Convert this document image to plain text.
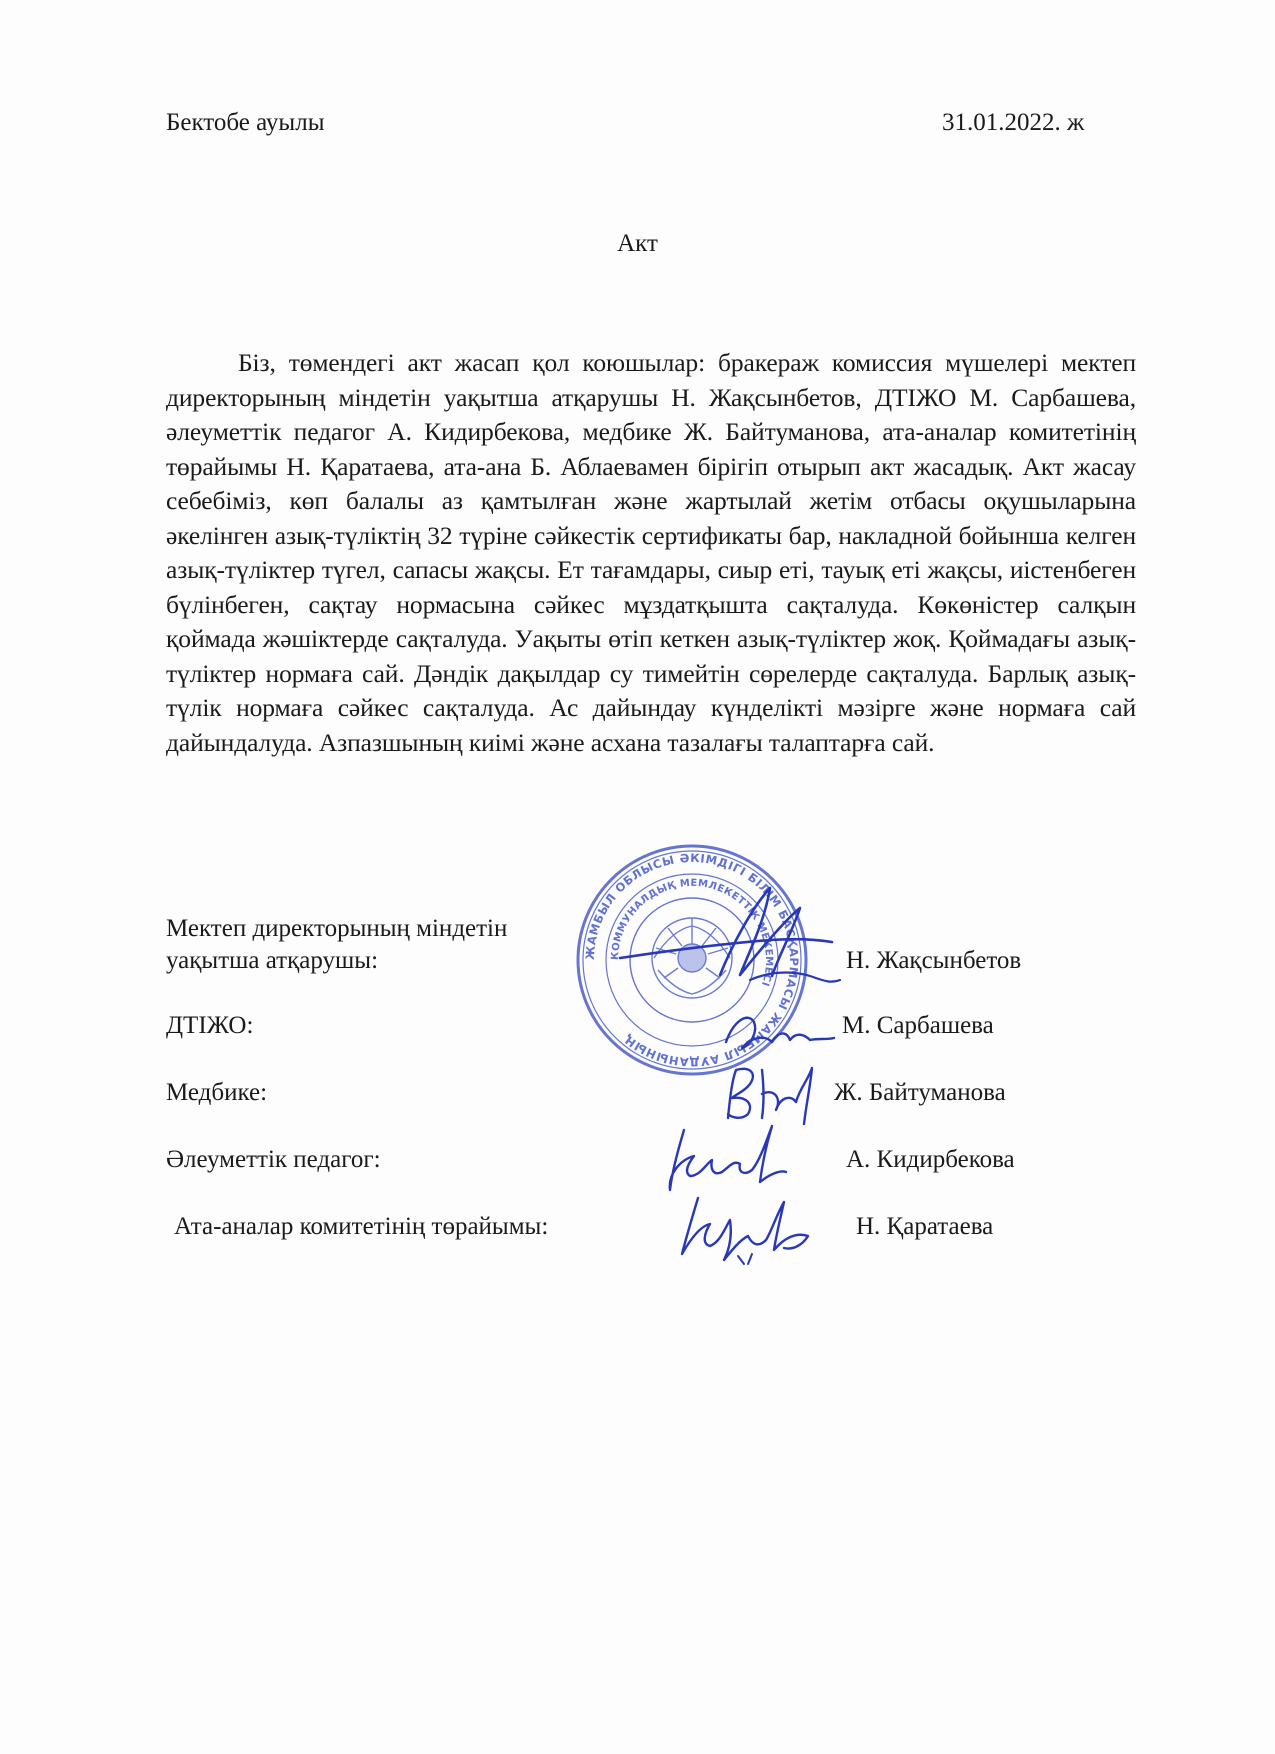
Бектобе ауылы	31.01.2022. ж
Акт

Біз, төмендегі акт жасап қол коюшылар: бракераж комиссия мүшелері мектеп директорының міндетін уақытша атқарушы Н. Жақсынбетов, ДТІЖО М. Сарбашева, әлеуметтік педагог А. Кидирбекова, медбике Ж. Байтуманова, ата-аналар комитетінің төрайымы Н. Қаратаева, ата-ана Б. Аблаевамен бірігіп отырып акт жасадық. Акт жасау себебіміз, көп балалы аз қамтылған және жартылай жетім отбасы оқушыларына әкелінген азық-түліктің 32 түріне сәйкестік сертификаты бар, накладной бойынша келген азық-түліктер түгел, сапасы жақсы. Ет тағамдары, сиыр еті, тауық еті жақсы, иістенбеген бүлінбеген, сақтау нормасына сәйкес мұздатқышта сақталуда. Көкөністер салқын қоймада жәшіктерде сақталуда. Уақыты өтіп кеткен азық-түліктер жоқ. Қоймадағы азық-түліктер нормаға сай. Дәндік дақылдар су тимейтін сөрелерде сақталуда. Барлық азық-түлік нормаға сәйкес сақталуда. Ас дайындау күнделікті мәзірге және нормаға сай дайындалуда. Азпазшының киімі және асхана тазалағы талаптарға сай.

Мектеп директорының міндетін
уақытша атқарушы:	Н. Жақсынбетов
ДТІЖО:	М. Сарбашева
Медбике:	Ж. Байтуманова
Әлеуметтік педагог:	А. Кидирбекова
Ата-аналар комитетінің төрайымы:	Н. Қаратаева
ЖАМБЫЛ ОБЛЫСЫ ӘКІМДІГІ БІЛІМ БАСҚАРМАСЫ ЖАМБЫЛ АУДАНЫНЫҢ
КОММУНАЛДЫҚ МЕМЛЕКЕТТІК МЕКЕМЕСІ
